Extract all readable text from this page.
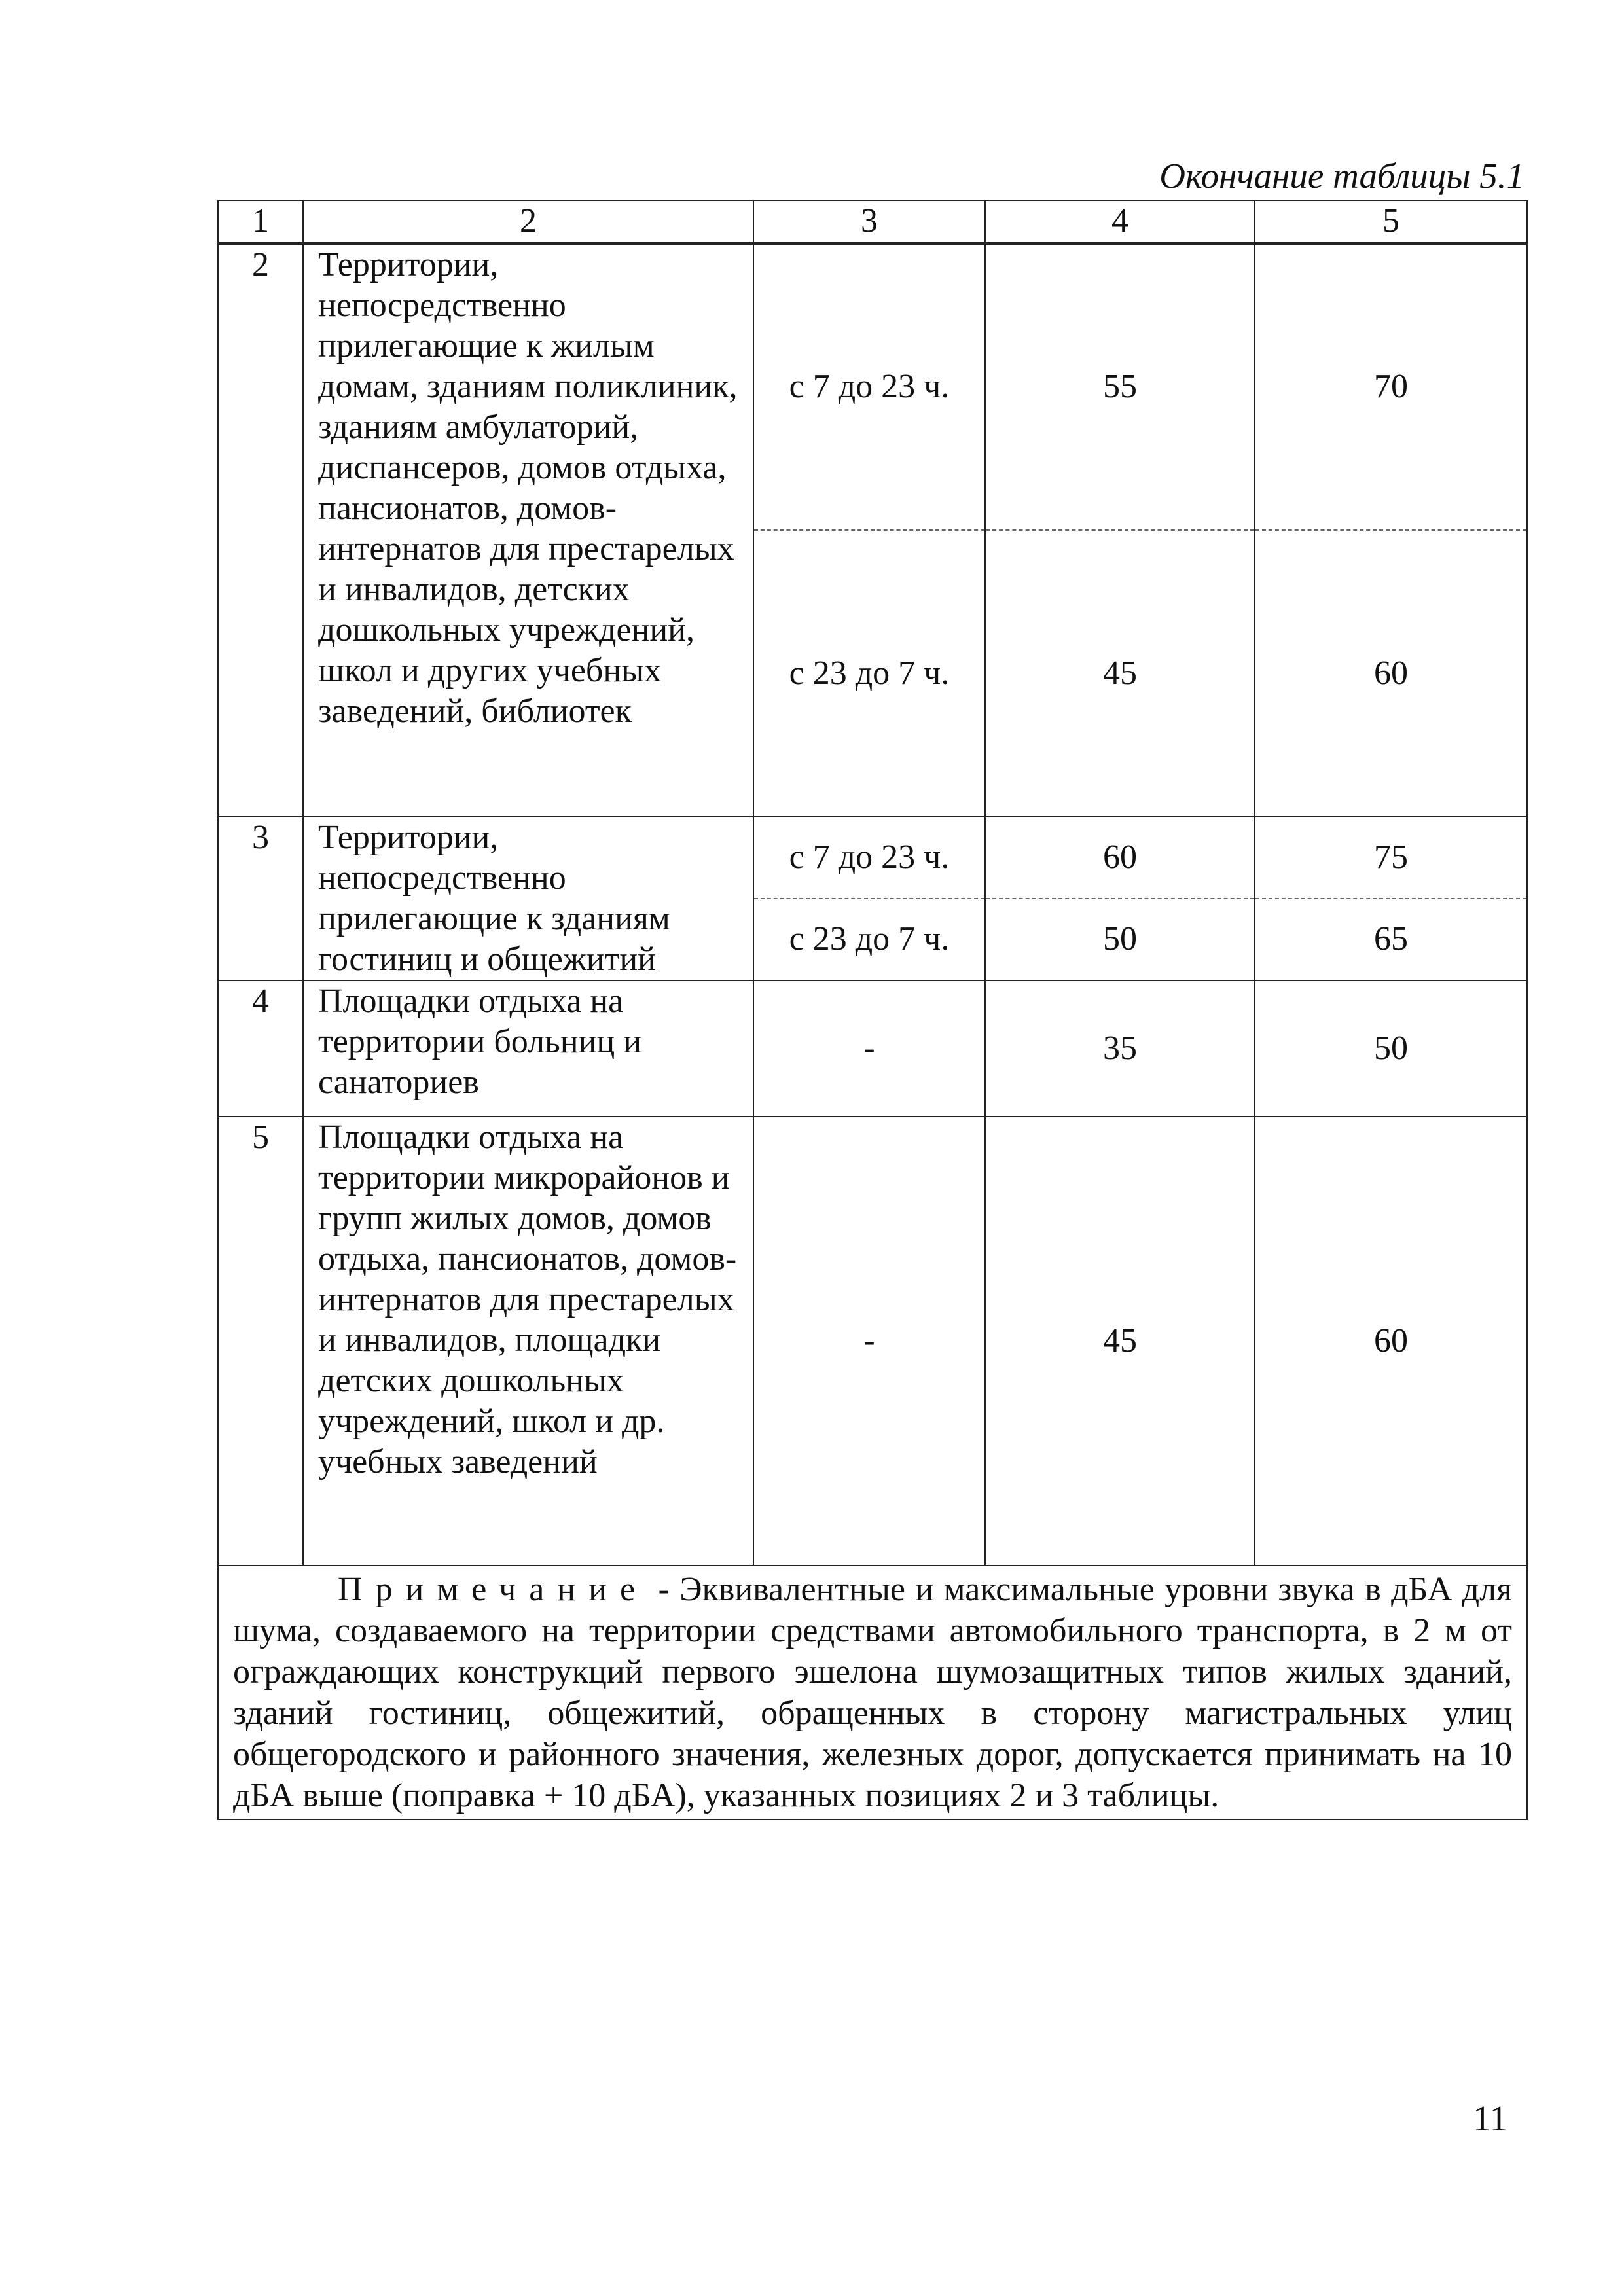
Окончание таблицы 5.1
1	2	3	4	5
2	Территории, непосредственно прилегающие к жилым домам, зданиям поликлиник, зданиям амбулаторий, диспансеров, домов отдыха, пансионатов, домов-интернатов для престарелых и инвалидов, детских дошкольных учреждений, школ и других учебных заведений, библиотек	с 7 до 23 ч.	55	70
		с 23 до 7 ч.	45	60
3	Территории, непосредственно прилегающие к зданиям гостиниц и общежитий	с 7 до 23 ч.	60	75
		с 23 до 7 ч.	50	65
4	Площадки отдыха на территории больниц и санаториев	-	35	50
5	Площадки отдыха на территории микрорайонов и групп жилых домов, домов отдыха, пансионатов, домов-интернатов для престарелых и инвалидов, площадки детских дошкольных учреждений, школ и др. учебных заведений	-	45	60
Примечание - Эквивалентные и максимальные уровни звука в дБА для шума, создаваемого на территории средствами автомобильного транспорта, в 2 м от ограждающих конструкций первого эшелона шумозащитных типов жилых зданий, зданий гостиниц, общежитий, обращенных в сторону магистральных улиц общегородского и районного значения, железных дорог, допускается принимать на 10 дБА выше (поправка + 10 дБА), указанных позициях 2 и 3 таблицы.				
11
